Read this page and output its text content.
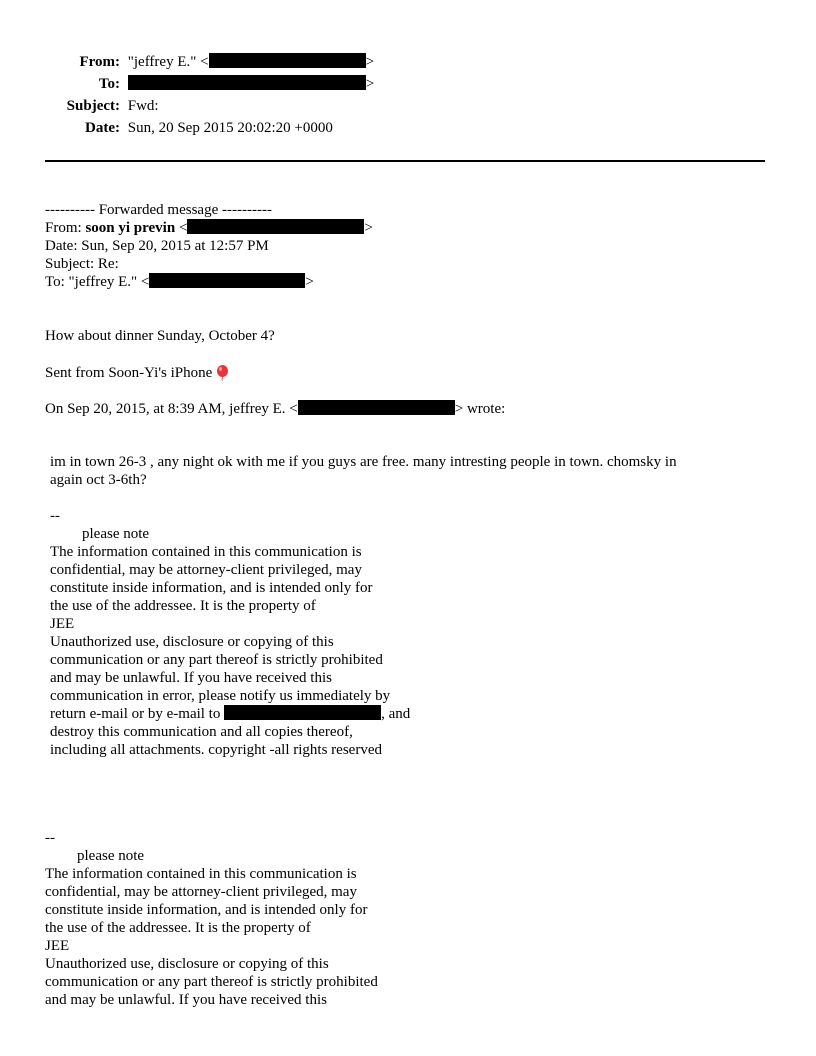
From: "jeffrey E." <	>
To:	>
Subject: Fwd:
Date: Sun, 20 Sep 2015 20:02:20 +0000
---------- Forwarded message ----------
From: soon yi previn <	>
Date: Sun, Sep 20, 2015 at 12:57 PM
Subject: Re:
To: "jeffrey E." <	>
How about dinner Sunday, October 4?
Sent from Soon-Yi's iPhone
On Sep 20, 2015, at 8:39 AM, jeffrey E. <	> wrote:
im in town 26-3 , any night ok with me if you guys are free. many intresting people in town. chomsky in
again oct 3-6th?
--
please note
The information contained in this communication is
confidential, may be attorney-client privileged, may
constitute inside information, and is intended only for
the use of the addressee. It is the property of
JEE
Unauthorized use, disclosure or copying of this
communication or any part thereof is strictly prohibited
and may be unlawful. If you have received this
communication in error, please notify us immediately by
return e-mail or by e-mail to	, and
destroy this communication and all copies thereof,
including all attachments. copyright -all rights reserved
--
please note
The information contained in this communication is
confidential, may be attorney-client privileged, may
constitute inside information, and is intended only for
the use of the addressee. It is the property of
JEE
Unauthorized use, disclosure or copying of this
communication or any part thereof is strictly prohibited
and may be unlawful. If you have received this
